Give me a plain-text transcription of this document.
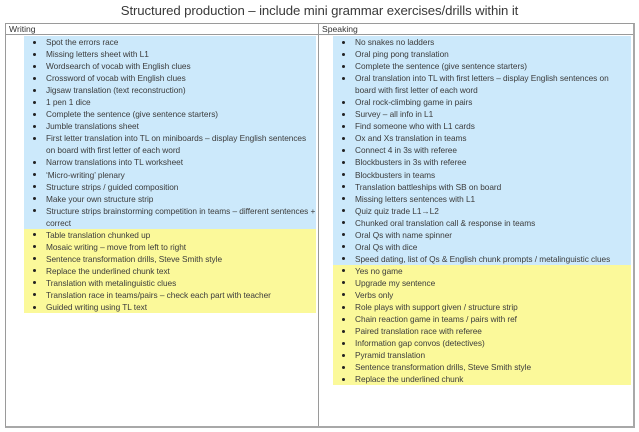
Structured production – include mini grammar exercises/drills within it
Writing
Spot the errors race
Missing letters sheet with L1
Wordsearch of vocab with English clues
Crossword of vocab with English clues
Jigsaw translation (text reconstruction)
1 pen 1 dice
Complete the sentence (give sentence starters)
Jumble translations sheet
First letter translation into TL on miniboards – display English sentences on board with first letter of each word
Narrow translations into TL worksheet
‘Micro-writing’ plenary
Structure strips / guided composition
Make your own structure strip
Structure strips brainstorming competition in teams – different sentences + correct
Table translation chunked up
Mosaic writing – move from left to right
Sentence transformation drills, Steve Smith style
Replace the underlined chunk text
Translation with metalinguistic clues
Translation race in teams/pairs – check each part with teacher
Guided writing using TL text
Speaking
No snakes no ladders
Oral ping pong translation
Complete the sentence (give sentence starters)
Oral translation into TL with first letters – display English sentences on board with first letter of each word
Oral rock-climbing game in pairs
Survey – all info in L1
Find someone who with L1 cards
Ox and Xs translation in teams
Connect 4 in 3s with referee
Blockbusters in 3s with referee
Blockbusters in teams
Translation battleships with SB on board
Missing letters sentences with L1
Quiz quiz trade L1→L2
Chunked oral translation call & response in teams
Oral Qs with name spinner
Oral Qs with dice
Speed dating, list of Qs & English chunk prompts / metalinguistic clues
Yes no game
Upgrade my sentence
Verbs only
Role plays with support given / structure strip
Chain reaction game in teams / pairs with ref
Paired translation race with referee
Information gap convos (detectives)
Pyramid translation
Sentence transformation drills, Steve Smith style
Replace the underlined chunk
